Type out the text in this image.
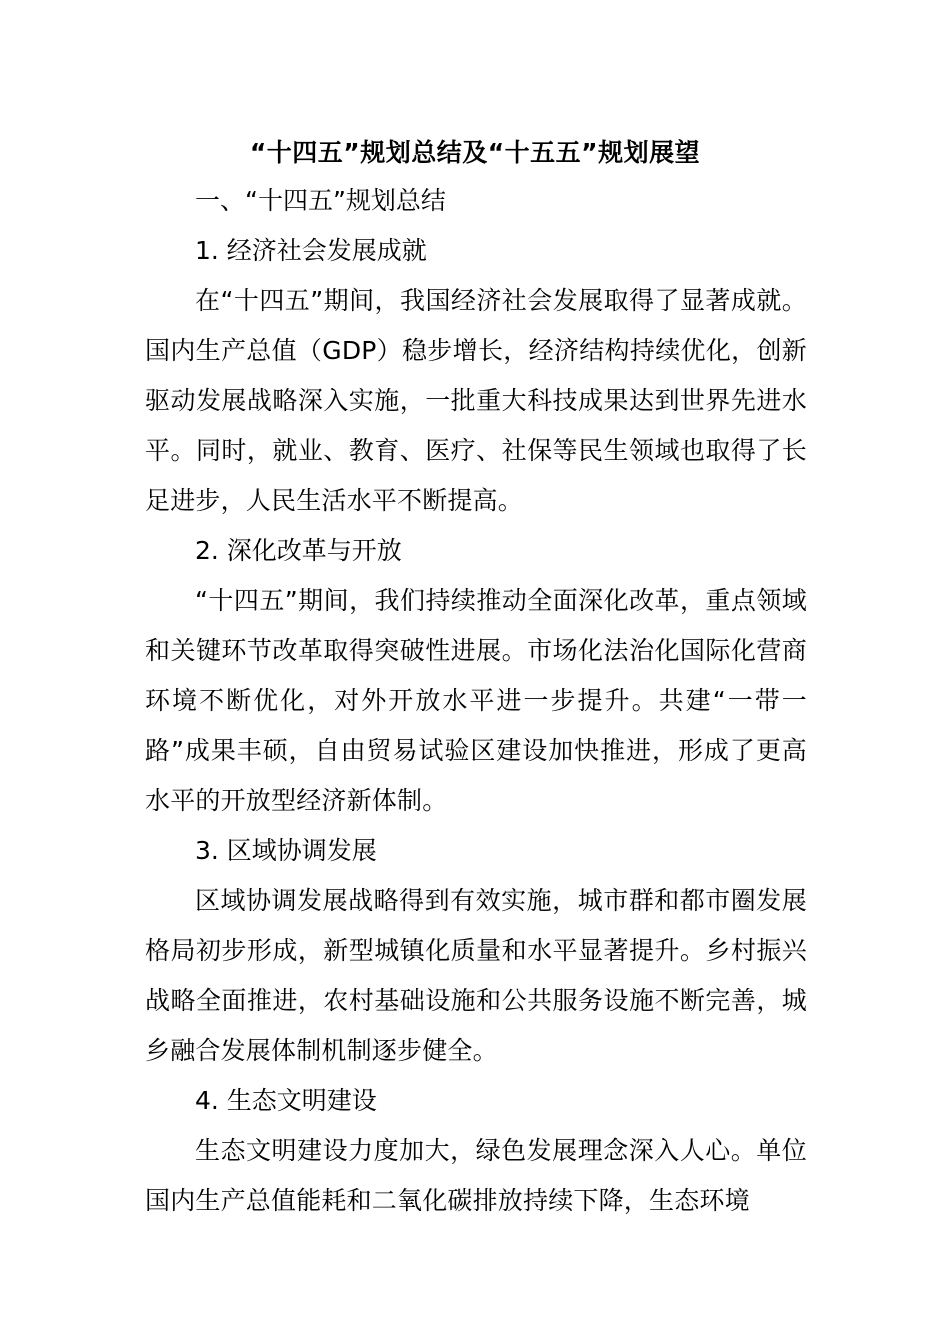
“十四五”规划总结及“十五五”规划展望
一、“十四五”规划总结
1. 经济社会发展成就

在“十四五”期间，我国经济社会发展取得了显著成就。国内生产总值（GDP）稳步增长，经济结构持续优化，创新驱动发展战略深入实施，一批重大科技成果达到世界先进水平。同时，就业、教育、医疗、社保等民生领域也取得了长足进步，人民生活水平不断提高。

2. 深化改革与开放

“十四五”期间，我们持续推动全面深化改革，重点领域和关键环节改革取得突破性进展。市场化法治化国际化营商环境不断优化，对外开放水平进一步提升。共建“一带一路”成果丰硕，自由贸易试验区建设加快推进，形成了更高水平的开放型经济新体制。

3. 区域协调发展

区域协调发展战略得到有效实施，城市群和都市圈发展格局初步形成，新型城镇化质量和水平显著提升。乡村振兴战略全面推进，农村基础设施和公共服务设施不断完善，城乡融合发展体制机制逐步健全。

4. 生态文明建设

生态文明建设力度加大，绿色发展理念深入人心。单位国内生产总值能耗和二氧化碳排放持续下降，生态环境
